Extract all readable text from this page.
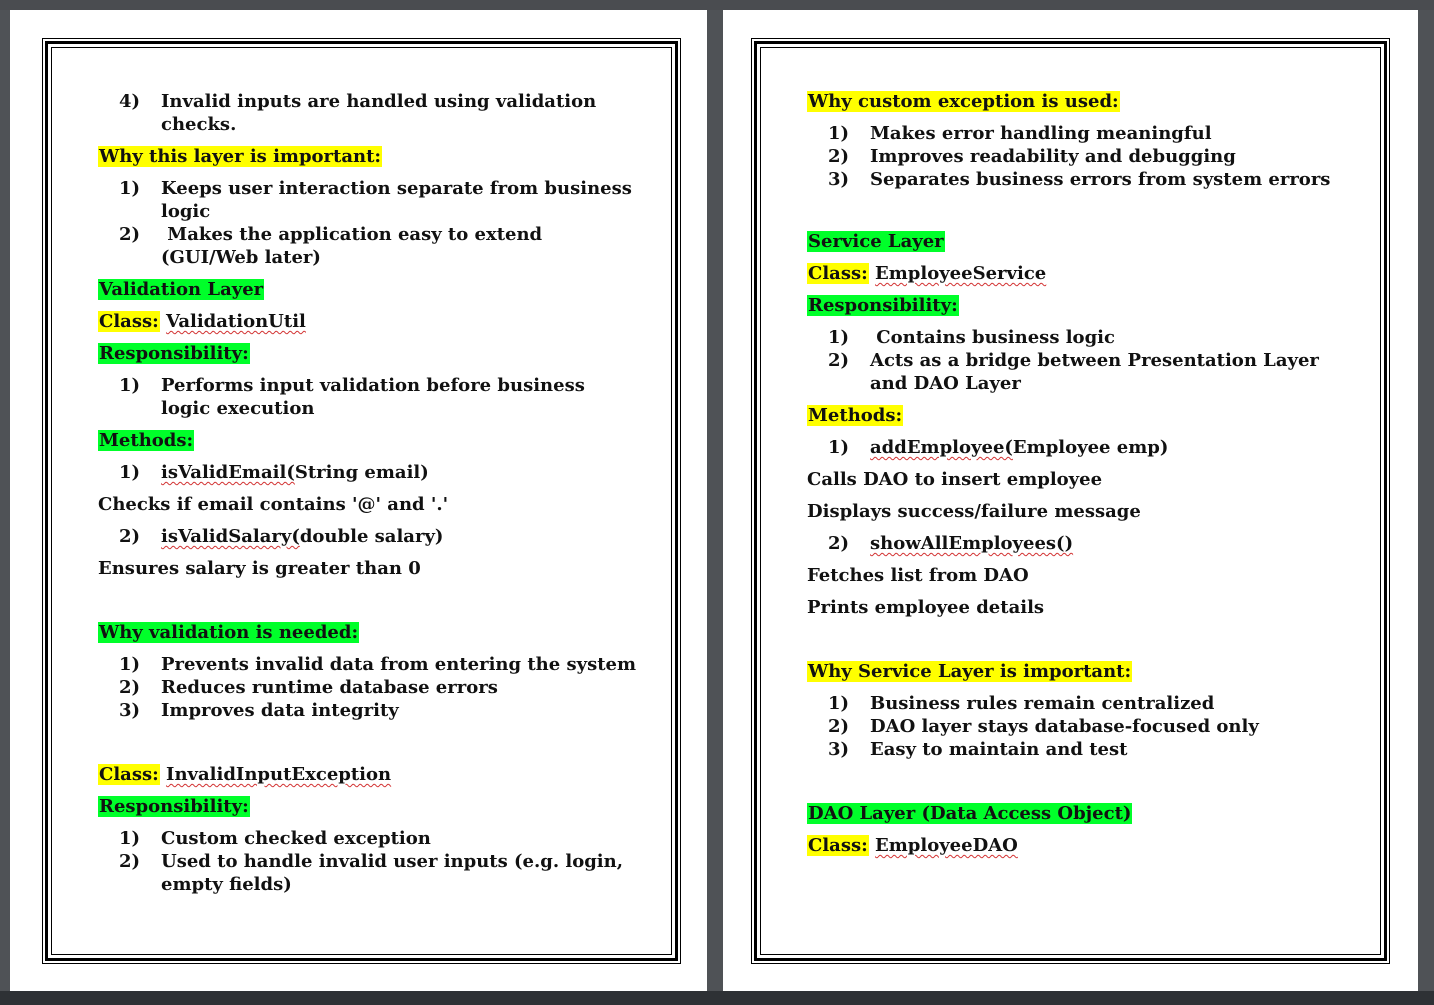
4) Invalid inputs are handled using validation checks.
Why this layer is important:
1) Keeps user interaction separate from business logic
2) Makes the application easy to extend (GUI/Web later)
Validation Layer
Class: ValidationUtil
Responsibility:
1) Performs input validation before business logic execution
Methods:
1) isValidEmail(String email)
Checks if email contains '@' and '.'
2) isValidSalary(double salary)
Ensures salary is greater than 0
Why validation is needed:
1) Prevents invalid data from entering the system
2) Reduces runtime database errors
3) Improves data integrity
Class: InvalidInputException
Responsibility:
1) Custom checked exception
2) Used to handle invalid user inputs (e.g. login, empty fields)
Why custom exception is used:
1) Makes error handling meaningful
2) Improves readability and debugging
3) Separates business errors from system errors
Service Layer
Class: EmployeeService
Responsibility:
1) Contains business logic
2) Acts as a bridge between Presentation Layer and DAO Layer
Methods:
1) addEmployee(Employee emp)
Calls DAO to insert employee
Displays success/failure message
2) showAllEmployees()
Fetches list from DAO
Prints employee details
Why Service Layer is important:
1) Business rules remain centralized
2) DAO layer stays database-focused only
3) Easy to maintain and test
DAO Layer (Data Access Object)
Class: EmployeeDAO
